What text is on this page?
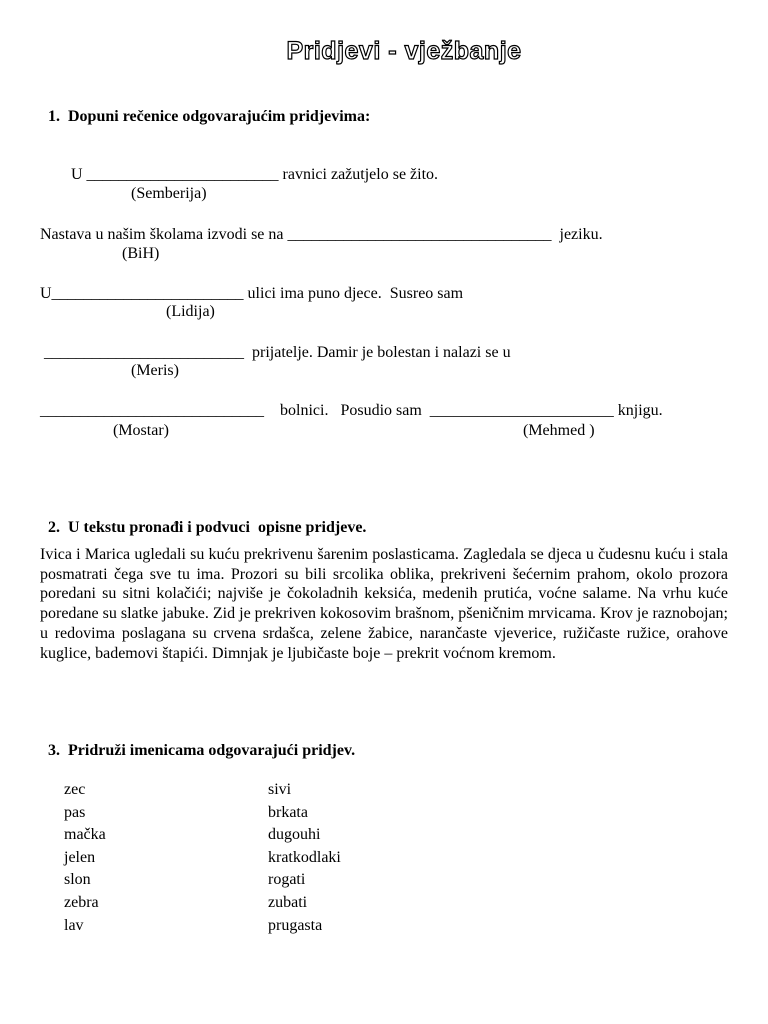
Pridjevi - vježbanje
1.  Dopuni rečenice odgovarajućim pridjevima:
U ________________________ ravnici zažutjelo se žito.
(Semberija)
Nastava u našim školama izvodi se na _________________________________  jeziku.
(BiH)
U________________________ ulici ima puno djece.  Susreo sam
(Lidija)
_________________________  prijatelje. Damir je bolestan i nalazi se u
(Meris)
____________________________    bolnici.   Posudio sam  _______________________ knjigu.
(Mostar)	(Mehmed )
2.  U tekstu pronađi i podvuci  opisne pridjeve.
Ivica i Marica ugledali su kuću prekrivenu šarenim poslasticama. Zagledala se djeca u čudesnu kuću i stala posmatrati čega sve tu ima. Prozori su bili srcolika oblika, prekriveni šećernim prahom, okolo prozora poredani su sitni kolačići; najviše je čokoladnih keksića, medenih prutića, voćne salame. Na vrhu kuće poredane su slatke jabuke. Zid je prekriven kokosovim brašnom, pšeničnim mrvicama. Krov je raznobojan; u redovima poslagana su crvena srdašca, zelene žabice, narančaste vjeverice, ružičaste ružice, orahove kuglice, bademovi štapići. Dimnjak je ljubičaste boje – prekrit voćnom kremom.
3.  Pridruži imenicama odgovarajući pridjev.
zec
pas
mačka
jelen
slon
zebra
lav
sivi
brkata
dugouhi
kratkodlaki
rogati
zubati
prugasta
